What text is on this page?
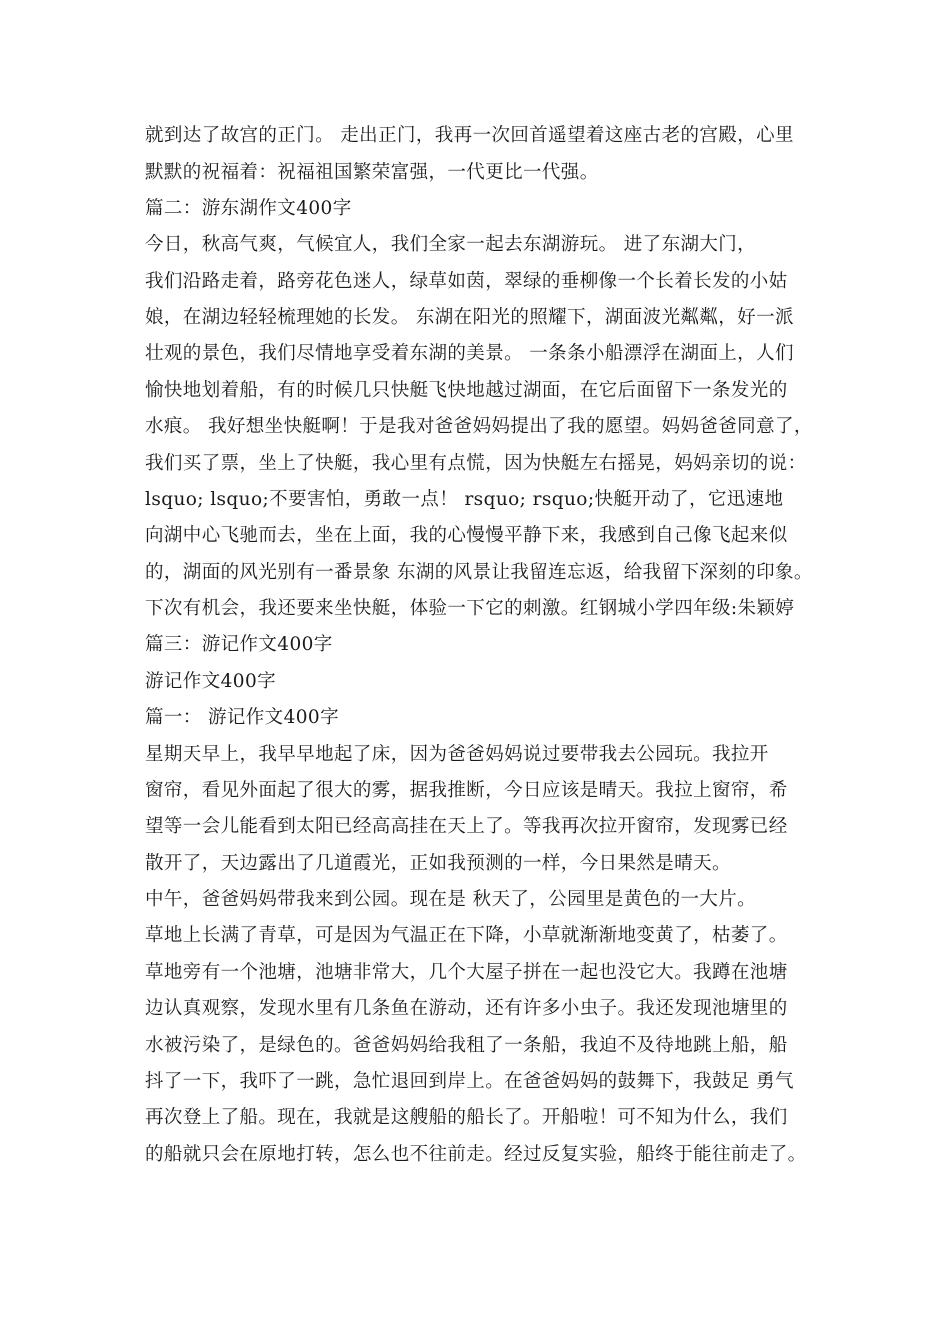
就到达了故宫的正门。 走出正门，我再一次回首遥望着这座古老的宫殿，心里
默默的祝福着：祝福祖国繁荣富强，一代更比一代强。
篇二：游东湖作文400字
今日，秋高气爽，气候宜人，我们全家一起去东湖游玩。 进了东湖大门，
我们沿路走着，路旁花色迷人，绿草如茵，翠绿的垂柳像一个长着长发的小姑
娘，在湖边轻轻梳理她的长发。 东湖在阳光的照耀下，湖面波光粼粼，好一派
壮观的景色，我们尽情地享受着东湖的美景。 一条条小船漂浮在湖面上，人们
愉快地划着船，有的时候几只快艇飞快地越过湖面，在它后面留下一条发光的
水痕。 我好想坐快艇啊！于是我对爸爸妈妈提出了我的愿望。妈妈爸爸同意了，
我们买了票，坐上了快艇，我心里有点慌，因为快艇左右摇晃，妈妈亲切的说：
lsquo; lsquo;不要害怕，勇敢一点！ rsquo; rsquo;快艇开动了，它迅速地
向湖中心飞驰而去，坐在上面，我的心慢慢平静下来，我感到自己像飞起来似
的，湖面的风光别有一番景象 东湖的风景让我留连忘返，给我留下深刻的印象。
下次有机会，我还要来坐快艇，体验一下它的刺激。红钢城小学四年级:朱颖婷
篇三：游记作文400字
游记作文400字
篇一： 游记作文400字
星期天早上，我早早地起了床，因为爸爸妈妈说过要带我去公园玩。我拉开
窗帘，看见外面起了很大的雾，据我推断，今日应该是晴天。我拉上窗帘，希
望等一会儿能看到太阳已经高高挂在天上了。等我再次拉开窗帘，发现雾已经
散开了，天边露出了几道霞光，正如我预测的一样，今日果然是晴天。
中午，爸爸妈妈带我来到公园。现在是 秋天了，公园里是黄色的一大片。
草地上长满了青草，可是因为气温正在下降，小草就渐渐地变黄了，枯萎了。
草地旁有一个池塘，池塘非常大，几个大屋子拼在一起也没它大。我蹲在池塘
边认真观察，发现水里有几条鱼在游动，还有许多小虫子。我还发现池塘里的
水被污染了，是绿色的。爸爸妈妈给我租了一条船，我迫不及待地跳上船，船
抖了一下，我吓了一跳，急忙退回到岸上。在爸爸妈妈的鼓舞下，我鼓足 勇气
再次登上了船。现在，我就是这艘船的船长了。开船啦！可不知为什么，我们
的船就只会在原地打转，怎么也不往前走。经过反复实验，船终于能往前走了。
